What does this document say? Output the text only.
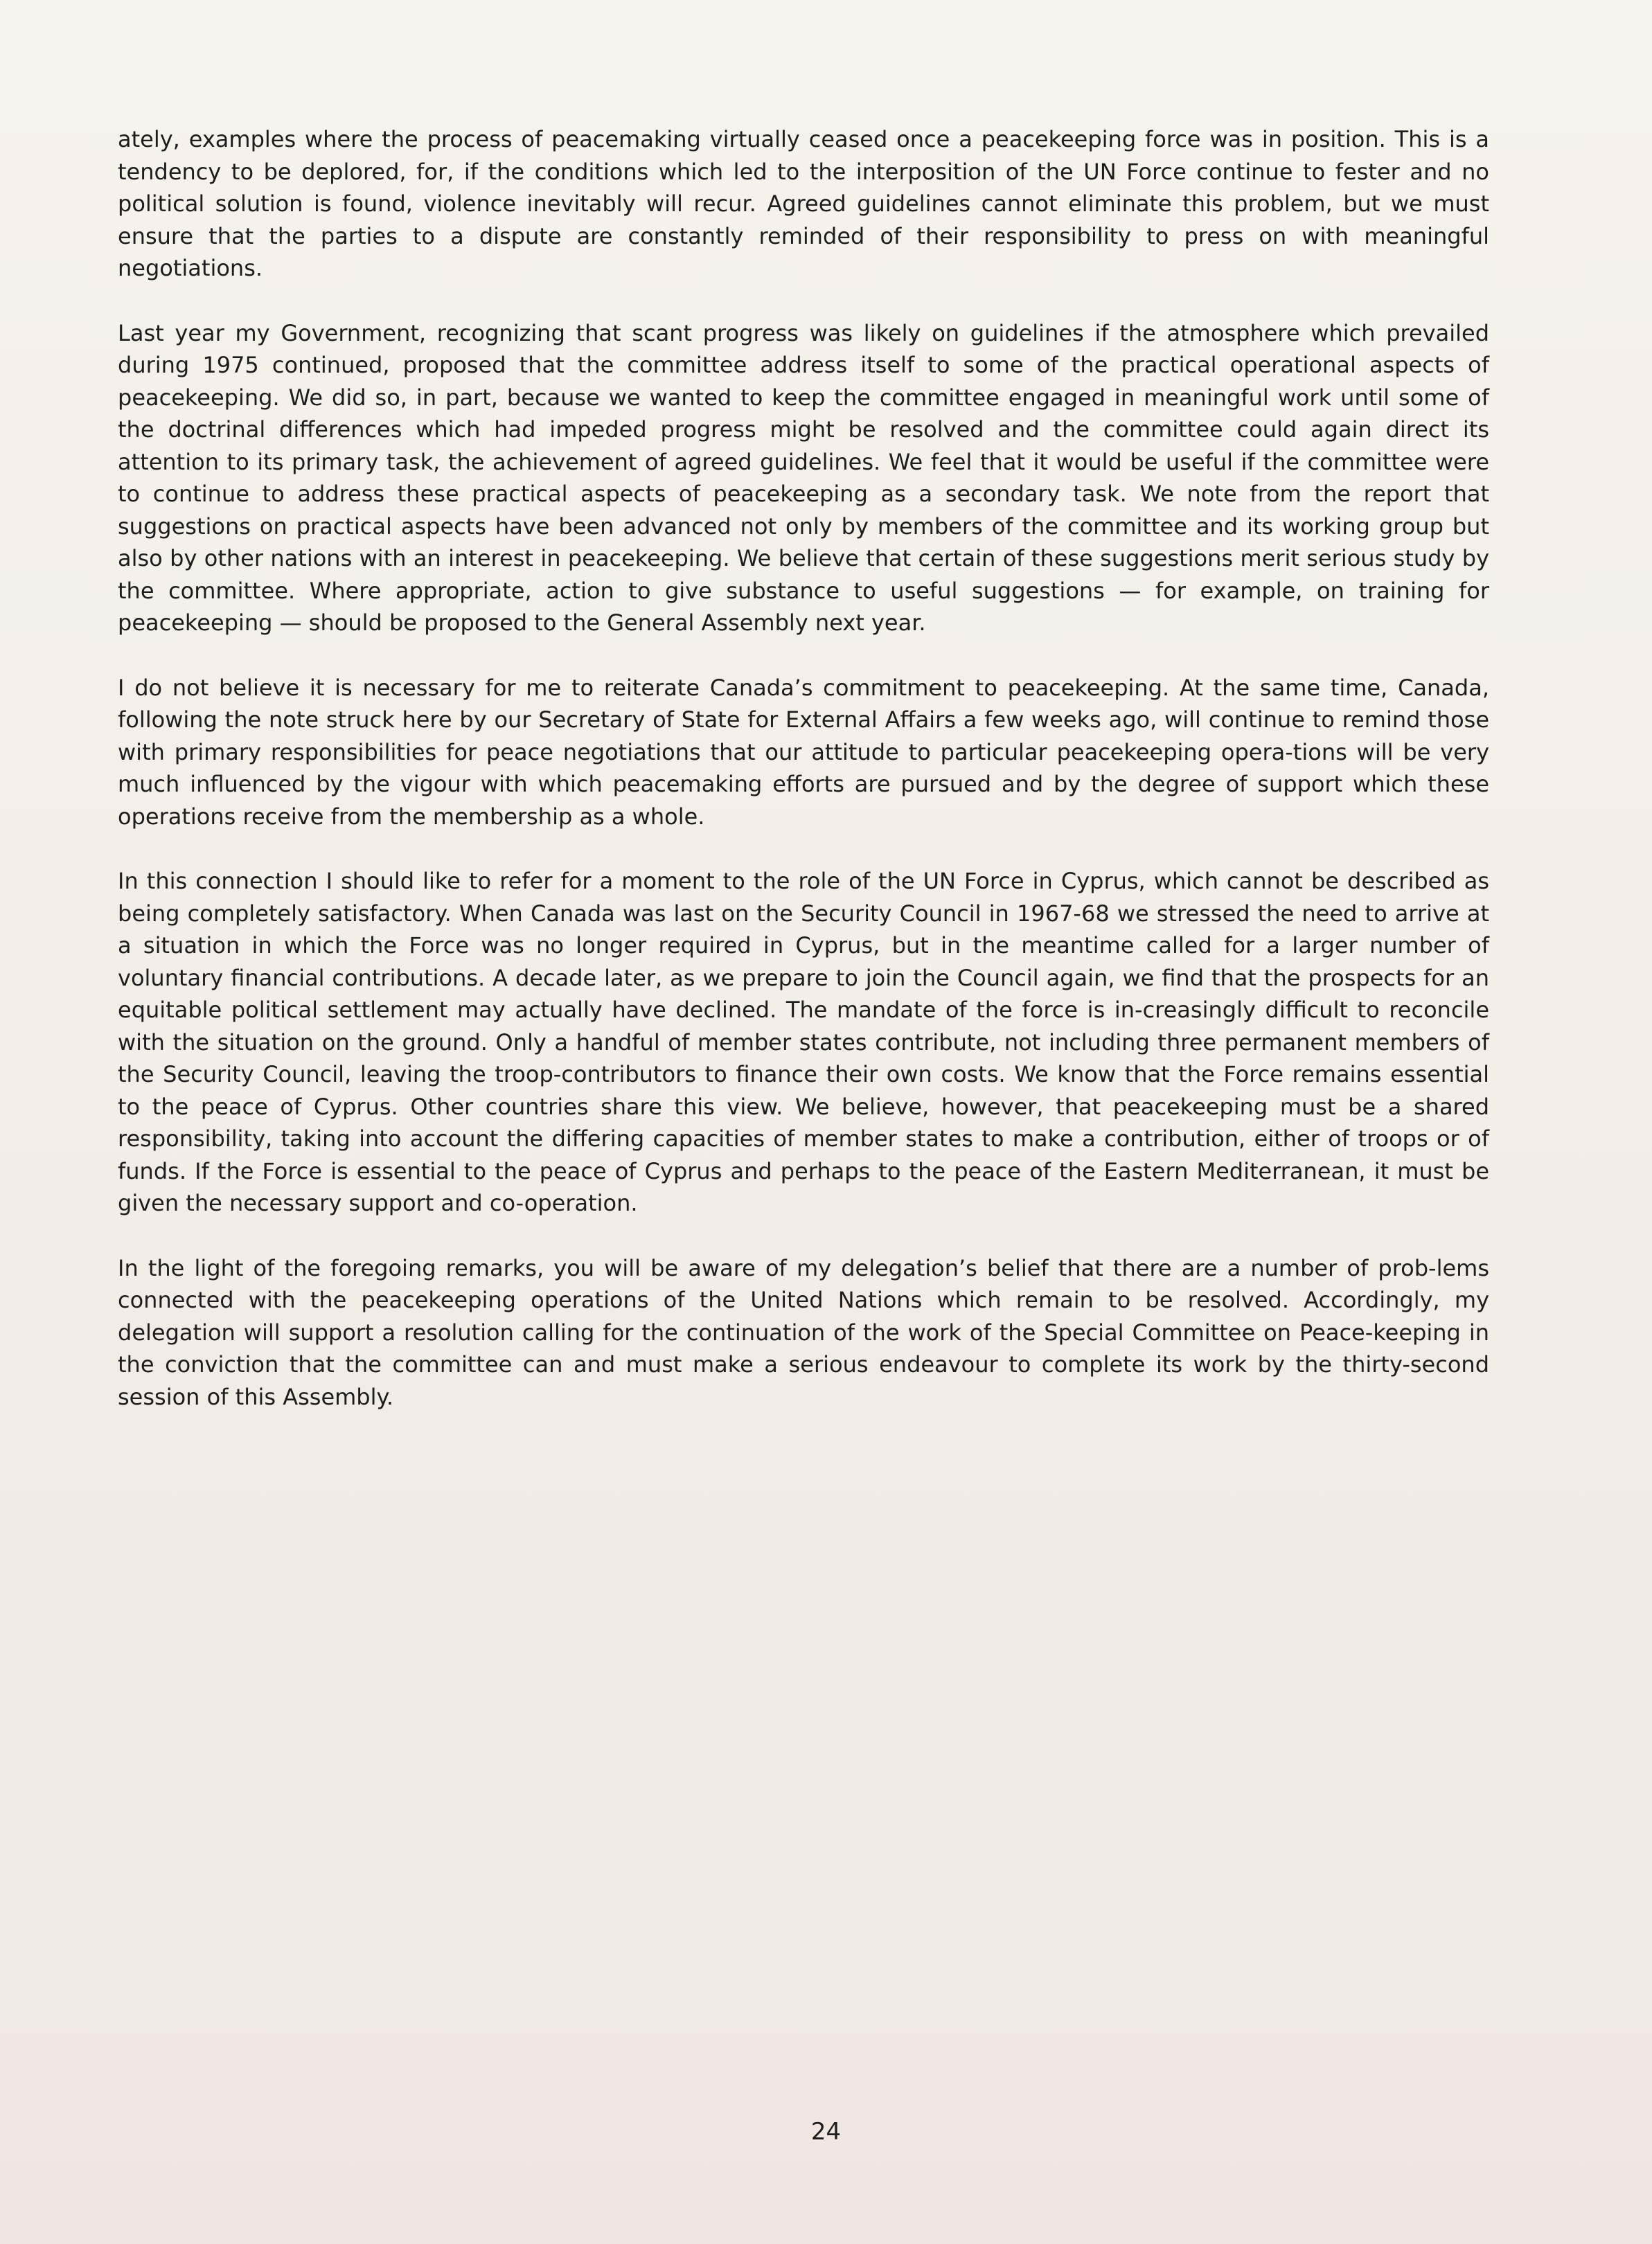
ately, examples where the process of peacemaking virtually ceased once a peacekeeping force was in position. This is a tendency to be deplored, for, if the conditions which led to the interposition of the UN Force continue to fester and no political solution is found, violence inevitably will recur. Agreed guidelines cannot eliminate this problem, but we must ensure that the parties to a dispute are constantly reminded of their responsibility to press on with meaningful negotiations.

Last year my Government, recognizing that scant progress was likely on guidelines if the atmosphere which prevailed during 1975 continued, proposed that the committee address itself to some of the practical operational aspects of peacekeeping. We did so, in part, because we wanted to keep the committee engaged in meaningful work until some of the doctrinal differences which had impeded progress might be resolved and the committee could again direct its attention to its primary task, the achievement of agreed guidelines. We feel that it would be useful if the committee were to continue to address these practical aspects of peacekeeping as a secondary task. We note from the report that suggestions on practical aspects have been advanced not only by members of the committee and its working group but also by other nations with an interest in peacekeeping. We believe that certain of these suggestions merit serious study by the committee. Where appropriate, action to give substance to useful suggestions — for example, on training for peacekeeping — should be proposed to the General Assembly next year.

I do not believe it is necessary for me to reiterate Canada’s commitment to peacekeeping. At the same time, Canada, following the note struck here by our Secretary of State for External Affairs a few weeks ago, will continue to remind those with primary responsibilities for peace negotiations that our attitude to particular peacekeeping opera-tions will be very much influenced by the vigour with which peacemaking efforts are pursued and by the degree of support which these operations receive from the membership as a whole.

In this connection I should like to refer for a moment to the role of the UN Force in Cyprus, which cannot be described as being completely satisfactory. When Canada was last on the Security Council in 1967-68 we stressed the need to arrive at a situation in which the Force was no longer required in Cyprus, but in the meantime called for a larger number of voluntary financial contributions. A decade later, as we prepare to join the Council again, we find that the prospects for an equitable political settlement may actually have declined. The mandate of the force is in-creasingly difficult to reconcile with the situation on the ground. Only a handful of member states contribute, not including three permanent members of the Security Council, leaving the troop-contributors to finance their own costs. We know that the Force remains essential to the peace of Cyprus. Other countries share this view. We believe, however, that peacekeeping must be a shared responsibility, taking into account the differing capacities of member states to make a contribution, either of troops or of funds. If the Force is essential to the peace of Cyprus and perhaps to the peace of the Eastern Mediterranean, it must be given the necessary support and co-operation.

In the light of the foregoing remarks, you will be aware of my delegation’s belief that there are a number of prob-lems connected with the peacekeeping operations of the United Nations which remain to be resolved. Accordingly, my delegation will support a resolution calling for the continuation of the work of the Special Committee on Peace-keeping in the conviction that the committee can and must make a serious endeavour to complete its work by the thirty-second session of this Assembly.

24
